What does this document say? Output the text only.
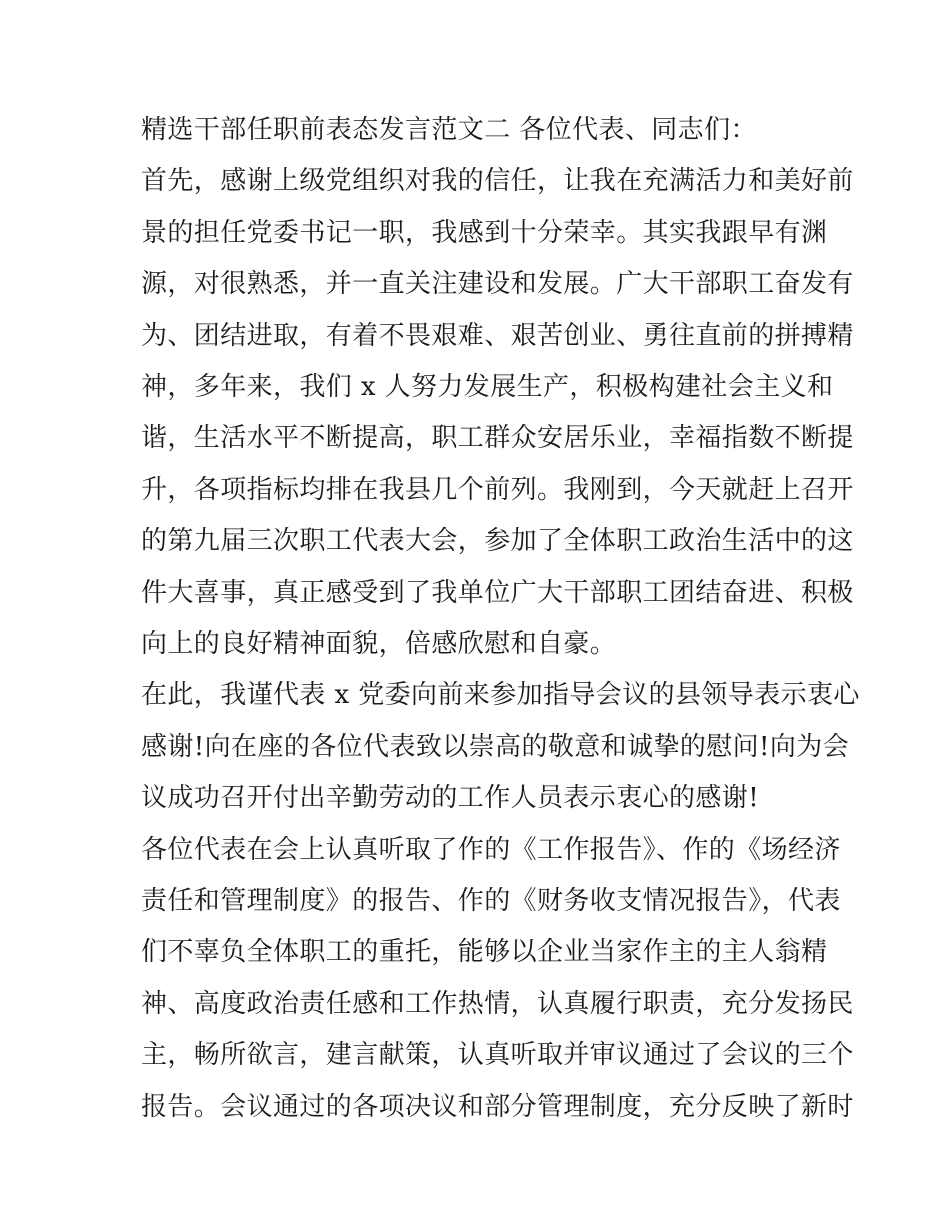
精选干部任职前表态发言范文二 各位代表、同志们：
首先，感谢上级党组织对我的信任，让我在充满活力和美好前
景的担任党委书记一职，我感到十分荣幸。其实我跟早有渊
源，对很熟悉，并一直关注建设和发展。广大干部职工奋发有
为、团结进取，有着不畏艰难、艰苦创业、勇往直前的拼搏精
神，多年来，我们 x 人努力发展生产，积极构建社会主义和
谐，生活水平不断提高，职工群众安居乐业，幸福指数不断提
升，各项指标均排在我县几个前列。我刚到，今天就赶上召开
的第九届三次职工代表大会，参加了全体职工政治生活中的这
件大喜事，真正感受到了我单位广大干部职工团结奋进、积极
向上的良好精神面貌，倍感欣慰和自豪。
在此，我谨代表 x 党委向前来参加指导会议的县领导表示衷心
感谢!向在座的各位代表致以崇高的敬意和诚挚的慰问!向为会
议成功召开付出辛勤劳动的工作人员表示衷心的感谢!
各位代表在会上认真听取了作的《工作报告》、作的《场经济
责任和管理制度》的报告、作的《财务收支情况报告》，代表
们不辜负全体职工的重托，能够以企业当家作主的主人翁精
神、高度政治责任感和工作热情，认真履行职责，充分发扬民
主，畅所欲言，建言献策，认真听取并审议通过了会议的三个
报告。会议通过的各项决议和部分管理制度，充分反映了新时
